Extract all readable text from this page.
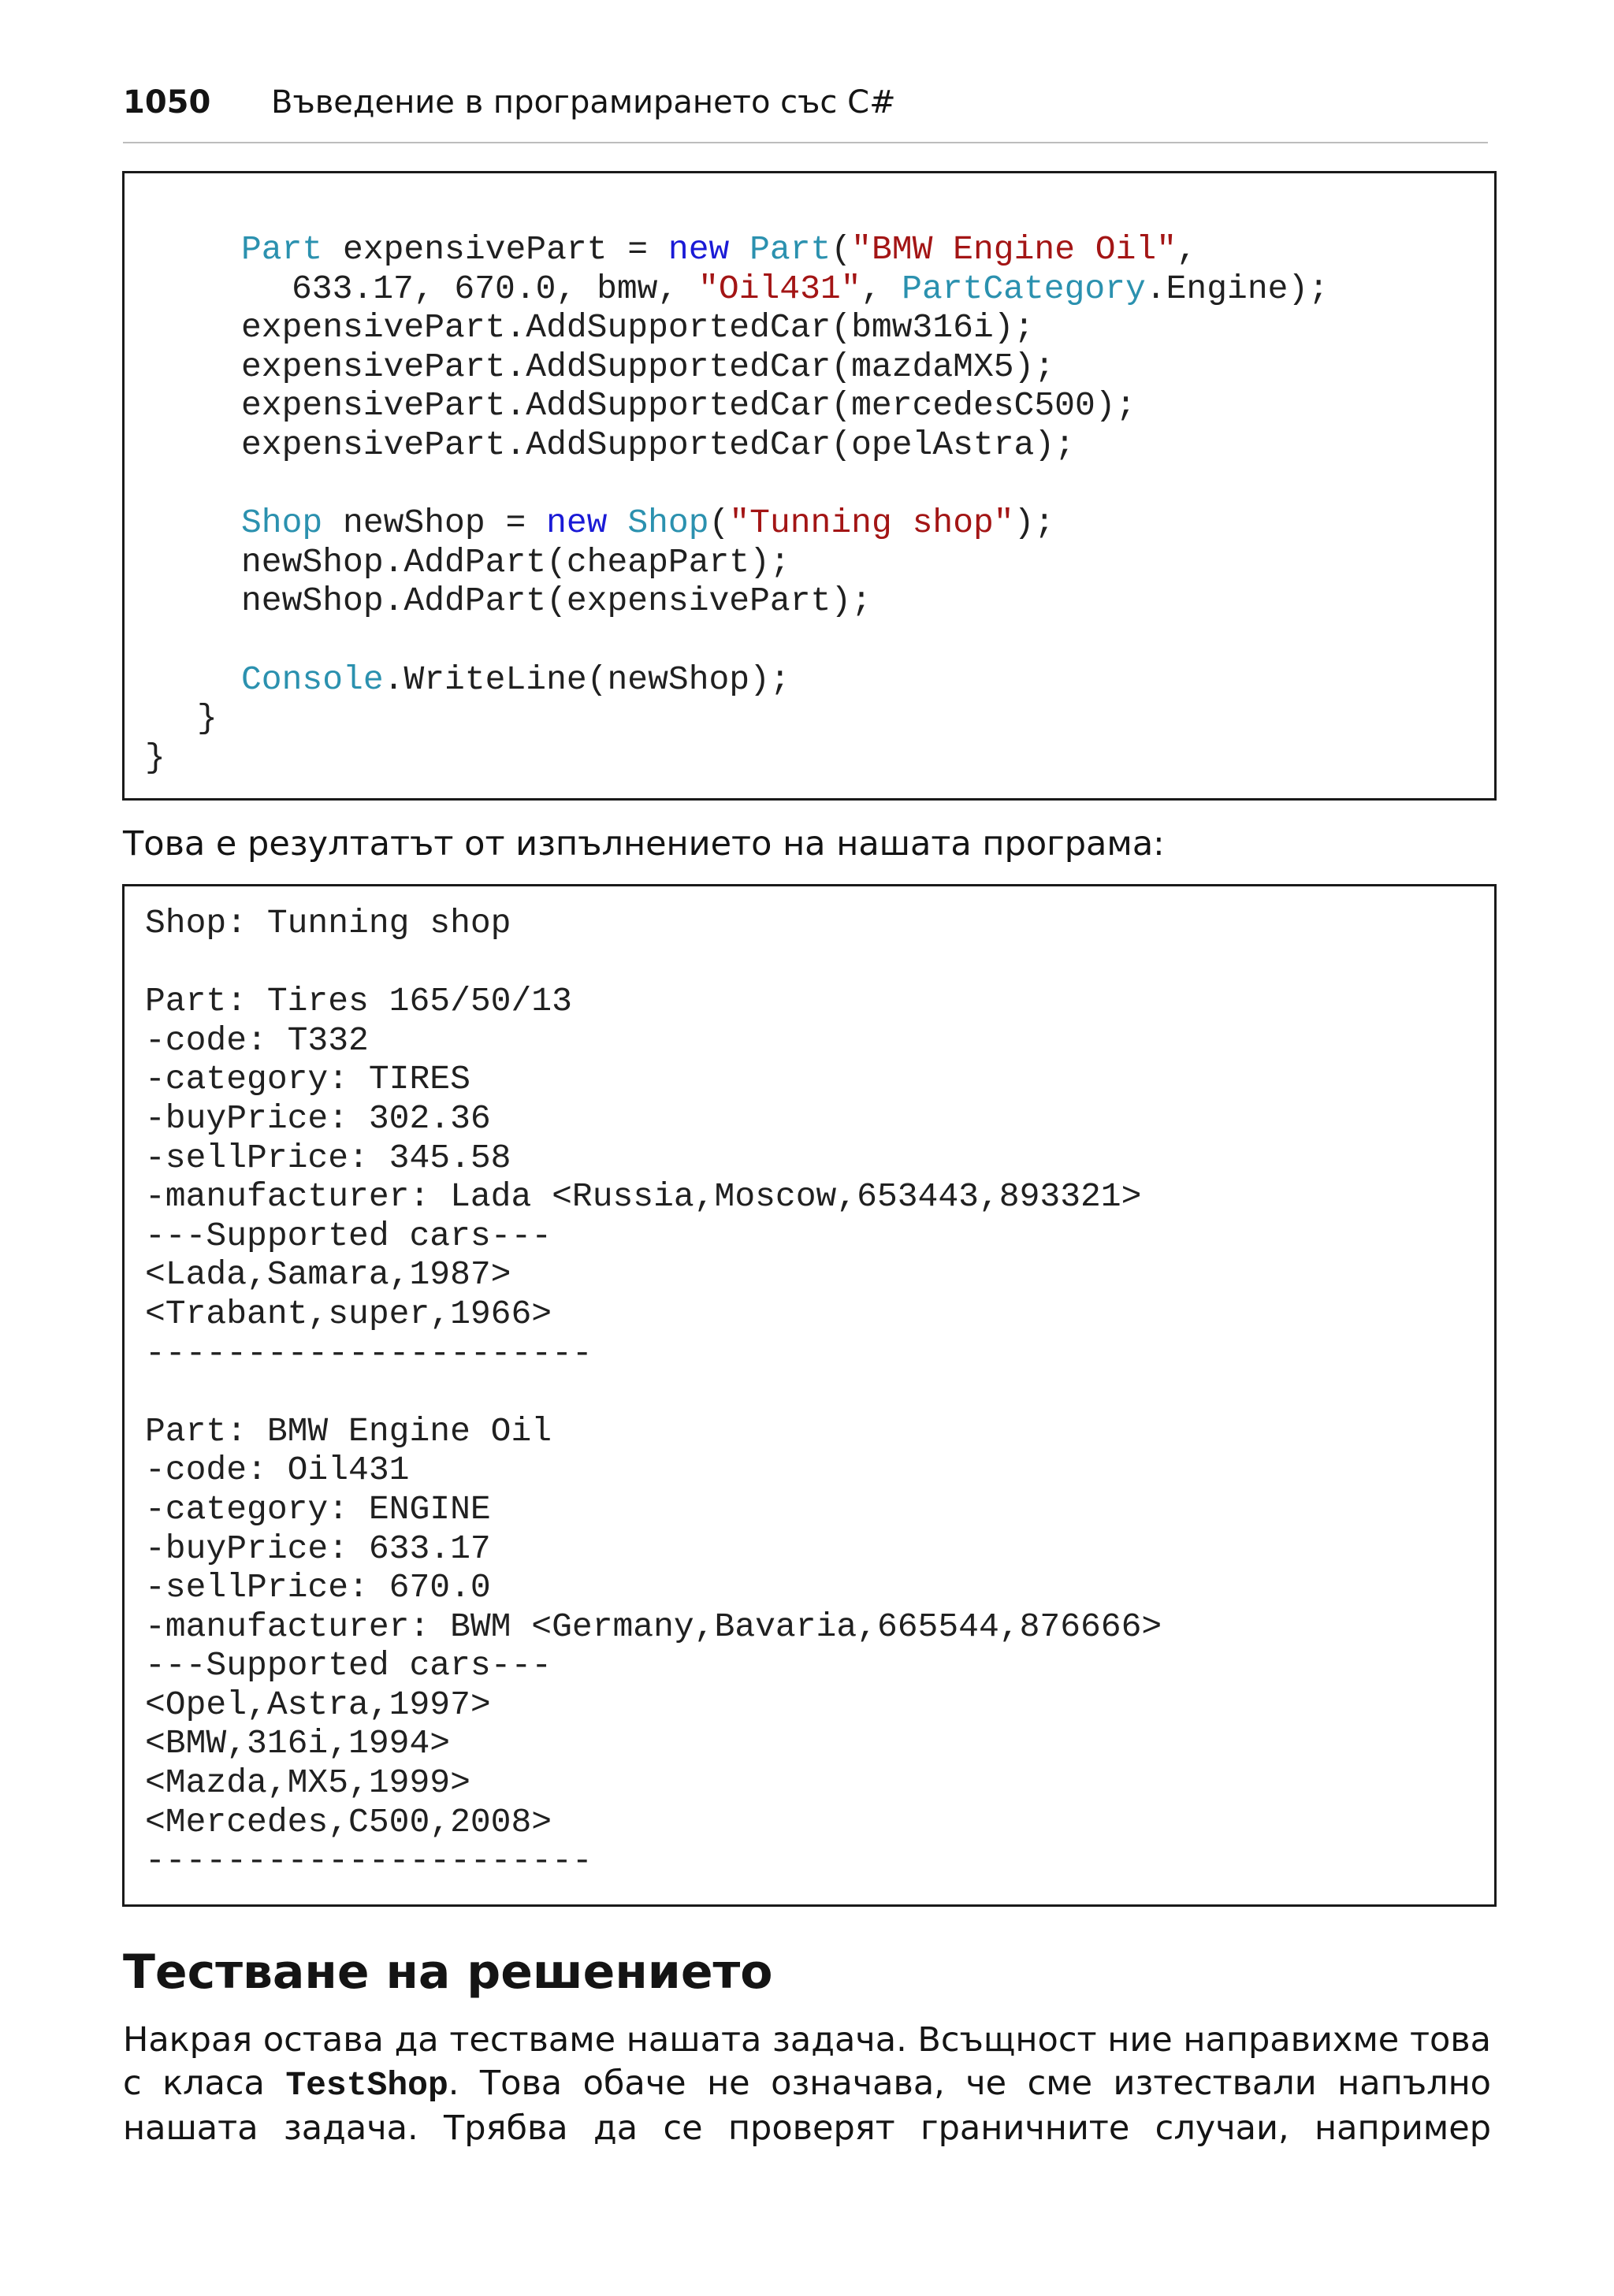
1050 Въведение в програмирането със C#
Part expensivePart = new Part("BMW Engine Oil",
633.17, 670.0, bmw, "Oil431", PartCategory.Engine);
expensivePart.AddSupportedCar(bmw316i);
expensivePart.AddSupportedCar(mazdaMX5);
expensivePart.AddSupportedCar(mercedesC500);
expensivePart.AddSupportedCar(opelAstra);
Shop newShop = new Shop("Tunning shop");
newShop.AddPart(cheapPart);
newShop.AddPart(expensivePart);
Console.WriteLine(newShop);
}
}
Това е резултатът от изпълнението на нашата програма:
Shop: Tunning shop
Part: Tires 165/50/13
-code: T332
-category: TIRES
-buyPrice: 302.36
-sellPrice: 345.58
-manufacturer: Lada <Russia,Moscow,653443,893321>
---Supported cars---
<Lada,Samara,1987>
<Trabant,super,1966>
----------------------
Part: BMW Engine Oil
-code: Oil431
-category: ENGINE
-buyPrice: 633.17
-sellPrice: 670.0
-manufacturer: BWM <Germany,Bavaria,665544,876666>
---Supported cars---
<Opel,Astra,1997>
<BMW,316i,1994>
<Mazda,MX5,1999>
<Mercedes,C500,2008>
----------------------
Тестване на решението
Накрая остава да тестваме нашата задача. Всъщност ние направихме това
с класа TestShop. Това обаче не означава, че сме изтествали напълно
нашата задача. Трябва да се проверят граничните случаи, например
